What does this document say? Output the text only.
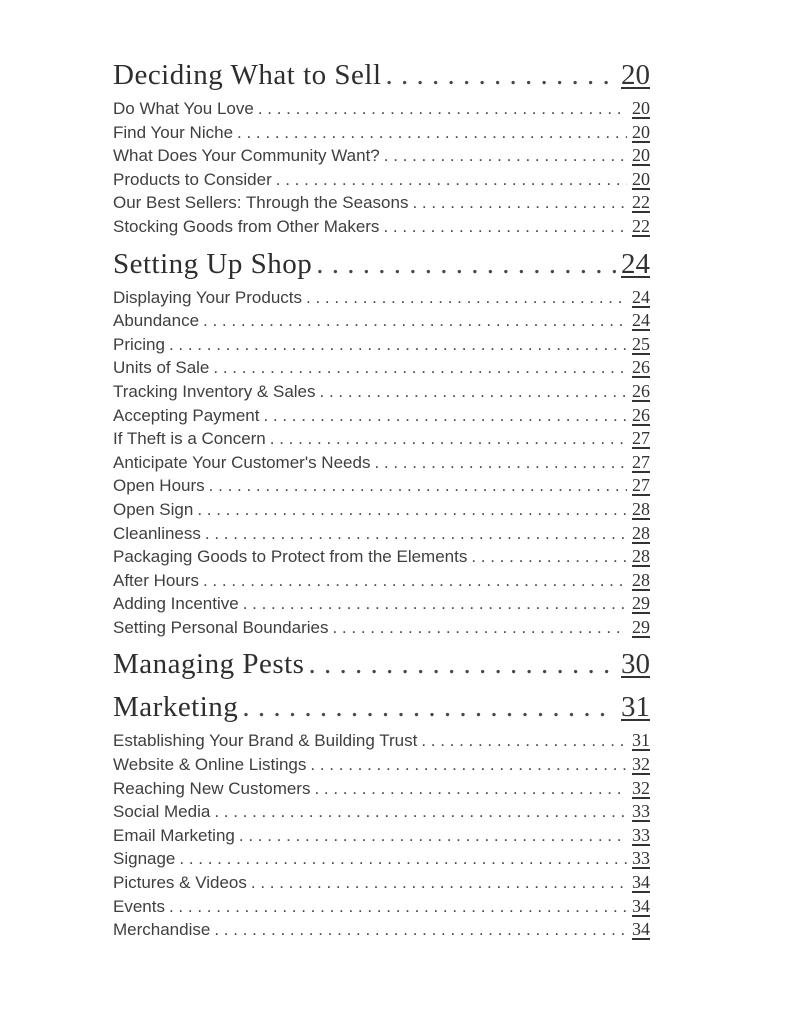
Deciding What to Sell . . .	20
Do What You Love . . .	20
Find Your Niche . . .	20
What Does Your Community Want? . . .	20
Products to Consider . . .	20
Our Best Sellers: Through the Seasons . . .	22
Stocking Goods from Other Makers . . .	22
Setting Up Shop . . .	24
Displaying Your Products . . .	24
Abundance . . .	24
Pricing . . .	25
Units of Sale . . .	26
Tracking Inventory & Sales . . .	26
Accepting Payment . . .	26
If Theft is a Concern . . .	27
Anticipate Your Customer's Needs . . .	27
Open Hours . . .	27
Open Sign . . .	28
Cleanliness . . .	28
Packaging Goods to Protect from the Elements . . .	28
After Hours . . .	28
Adding Incentive . . .	29
Setting Personal Boundaries . . .	29
Managing Pests . . .	30
Marketing . . .	31
Establishing Your Brand & Building Trust . . .	31
Website & Online Listings . . .	32
Reaching New Customers . . .	32
Social Media . . .	33
Email Marketing . . .	33
Signage . . .	33
Pictures & Videos . . .	34
Events . . .	34
Merchandise . . .	34
